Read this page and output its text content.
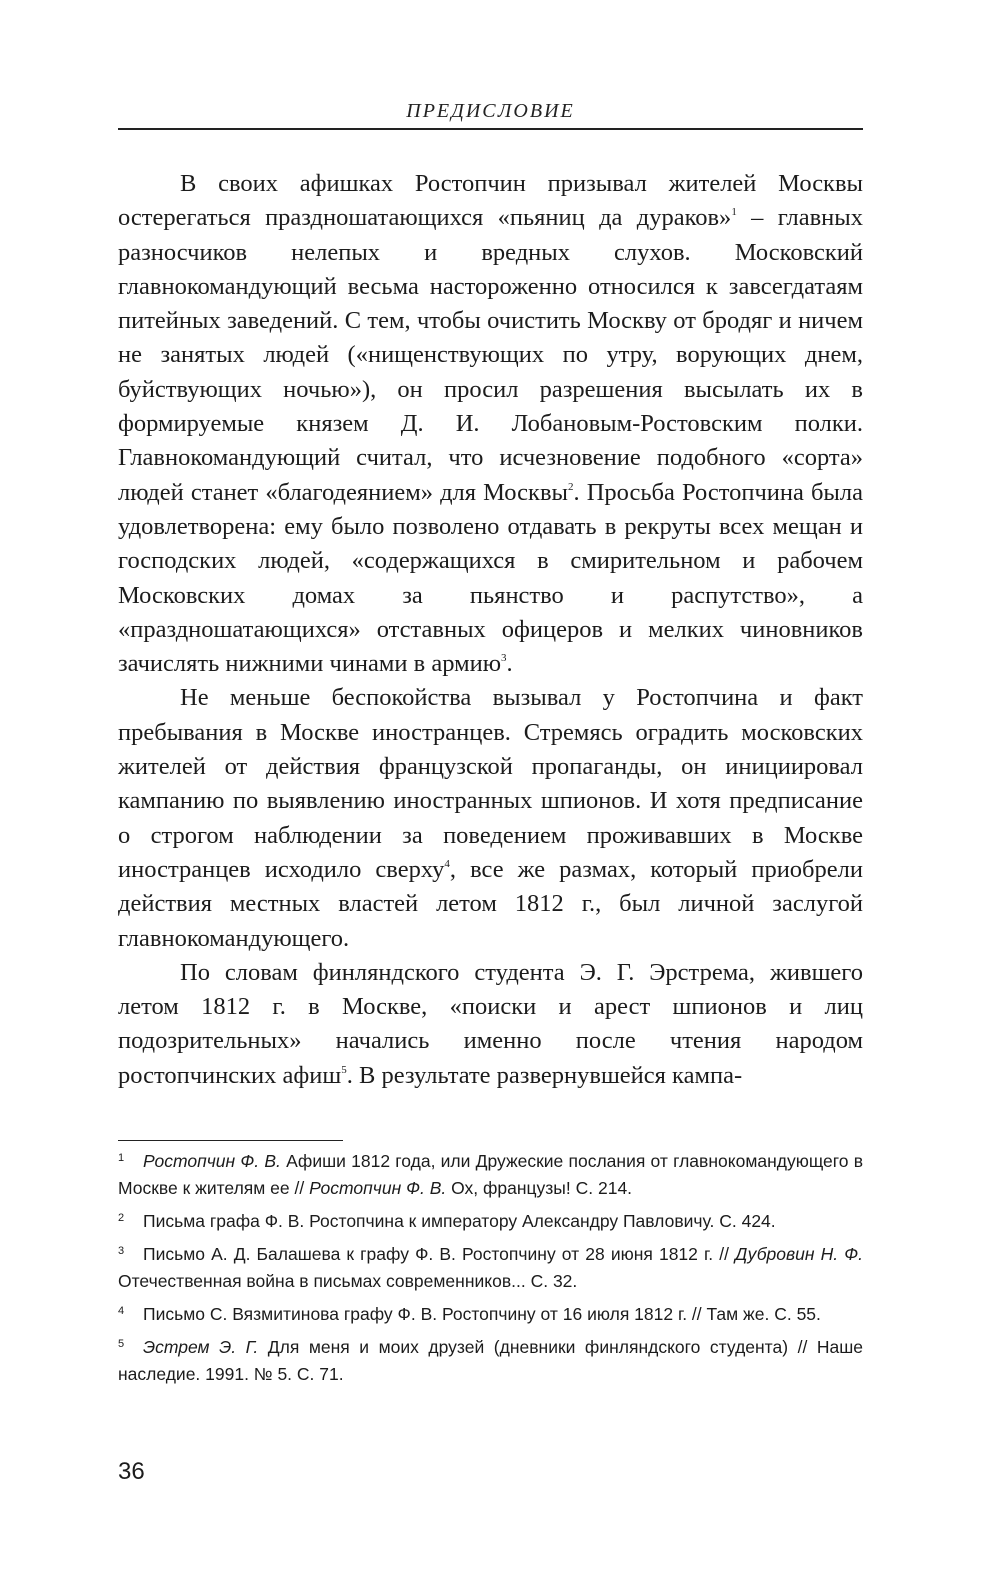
ПРЕДИСЛОВИЕ

В своих афишках Ростопчин призывал жителей Москвы остерегаться праздношатающихся «пьяниц да дураков»$^1$ – главных разносчиков нелепых и вредных слухов. Московский главнокомандующий весьма настороженно относился к завсегдатаям питейных заведений. С тем, чтобы очистить Москву от бродяг и ничем не занятых людей («нищенствующих по утру, ворующих днем, буйствующих ночью»), он просил разрешения высылать их в формируемые князем Д. И. Лобановым-Ростовским полки. Главнокомандующий считал, что исчезновение подобного «сорта» людей станет «благодеянием» для Москвы$^2$. Просьба Ростопчина была удовлетворена: ему было позволено отдавать в рекруты всех мещан и господских людей, «содержащихся в смирительном и рабочем Московских домах за пьянство и распутство», а «праздношатающихся» отставных офицеров и мелких чиновников зачислять нижними чинами в армию$^3$.

Не меньше беспокойства вызывал у Ростопчина и факт пребывания в Москве иностранцев. Стремясь оградить московских жителей от действия французской пропаганды, он инициировал кампанию по выявлению иностранных шпионов. И хотя предписание о строгом наблюдении за поведением проживавших в Москве иностранцев исходило сверху$^4$, все же размах, который приобрели действия местных властей летом 1812 г., был личной заслугой главнокомандующего.

По словам финляндского студента Э. Г. Эрстрема, жившего летом 1812 г. в Москве, «поиски и арест шпионов и лиц подозрительных» начались именно после чтения народом ростопчинских афиш$^5$. В результате развернувшейся кампа-

1 Ростопчин Ф. В. Афиши 1812 года, или Дружеские послания от главнокомандующего в Москве к жителям ее // Ростопчин Ф. В. Ох, французы! С. 214.
2 Письма графа Ф. В. Ростопчина к императору Александру Павловичу. С. 424.
3 Письмо А. Д. Балашева к графу Ф. В. Ростопчину от 28 июня 1812 г. // Дубровин Н. Ф. Отечественная война в письмах современников... С. 32.
4 Письмо С. Вязмитинова графу Ф. В. Ростопчину от 16 июля 1812 г. // Там же. С. 55.
5 Эстрем Э. Г. Для меня и моих друзей (дневники финляндского студента) // Наше наследие. 1991. № 5. С. 71.
36
